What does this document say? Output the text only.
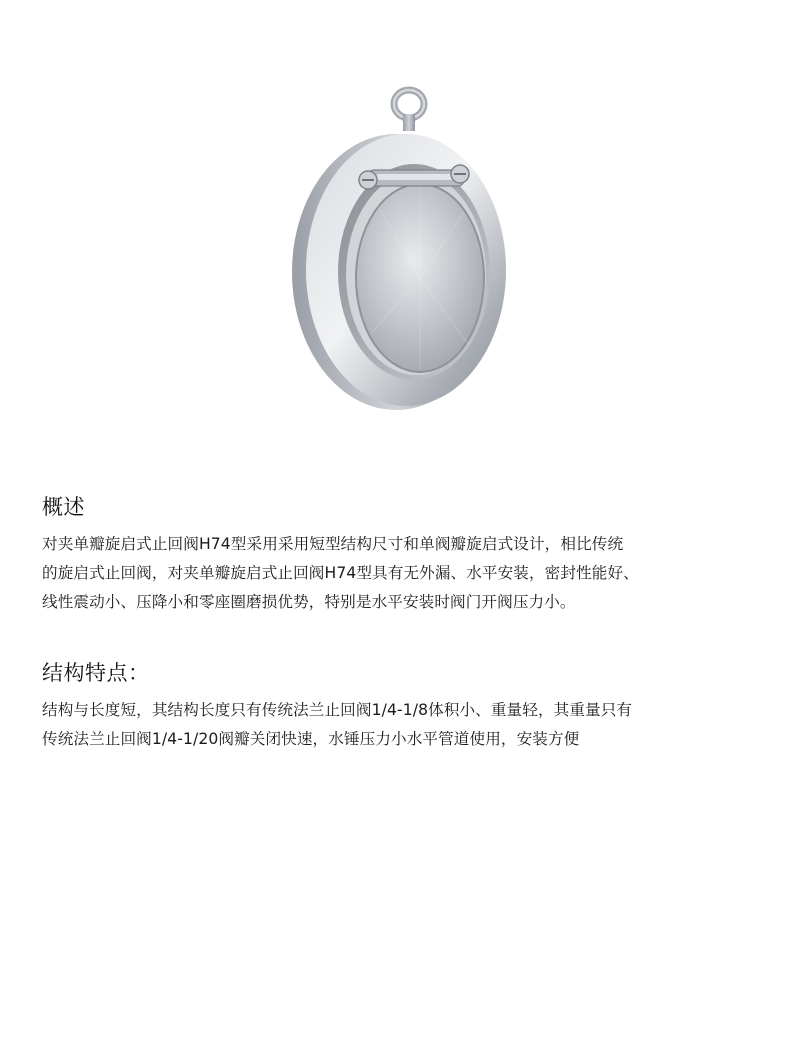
概述

对夹单瓣旋启式止回阀H74型采用采用短型结构尺寸和单阀瓣旋启式设计，相比传统
的旋启式止回阀，对夹单瓣旋启式止回阀H74型具有无外漏、水平安装，密封性能好、
线性震动小、压降小和零座圈磨损优势，特别是水平安装时阀门开阀压力小。

结构特点：

结构与长度短，其结构长度只有传统法兰止回阀1/4-1/8体积小、重量轻，其重量只有
传统法兰止回阀1/4-1/20阀瓣关闭快速，水锤压力小水平管道使用，安装方便
